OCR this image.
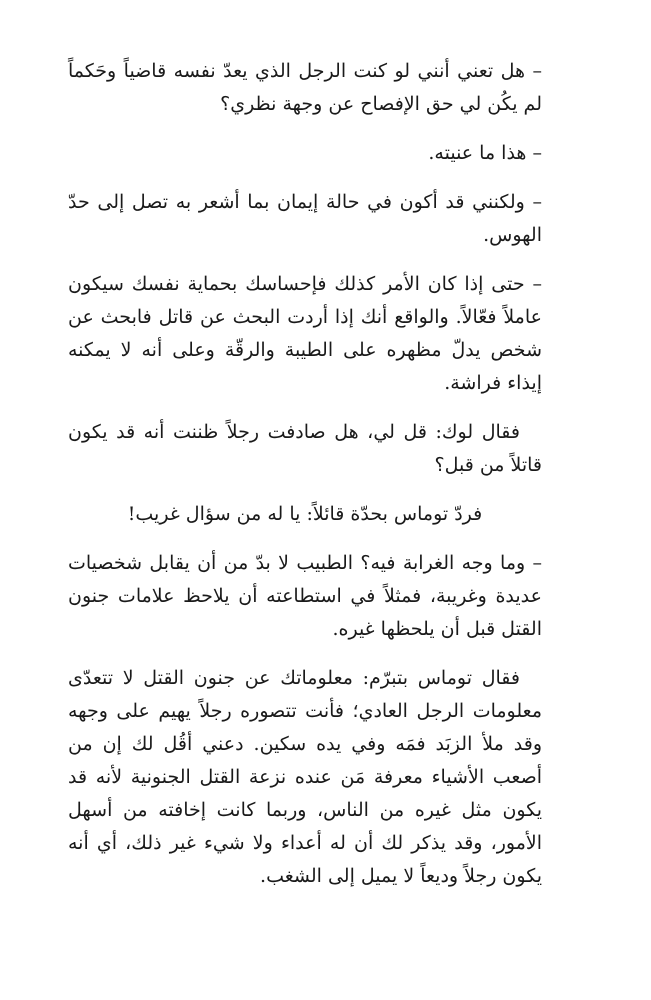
– هل تعني أنني لو كنت الرجل الذي يعدّ نفسه قاضياً وحَكماً لم يكُن لي حق الإفصاح عن وجهة نظري؟

– هذا ما عنيته.

– ولكنني قد أكون في حالة إيمان بما أشعر به تصل إلى حدّ الهوس.

– حتى إذا كان الأمر كذلك فإحساسك بحماية نفسك سيكون عاملاً فعّالاً. والواقع أنك إذا أردت البحث عن قاتل فابحث عن شخص يدلّ مظهره على الطيبة والرقّة وعلى أنه لا يمكنه إيذاء فراشة.

فقال لوك: قل لي، هل صادفت رجلاً ظننت أنه قد يكون قاتلاً من قبل؟

فردّ توماس بحدّة قائلاً: يا له من سؤال غريب!

– وما وجه الغرابة فيه؟ الطبيب لا بدّ من أن يقابل شخصيات عديدة وغريبة، فمثلاً في استطاعته أن يلاحظ علامات جنون القتل قبل أن يلحظها غيره.

فقال توماس بتبرّم: معلوماتك عن جنون القتل لا تتعدّى معلومات الرجل العادي؛ فأنت تتصوره رجلاً يهيم على وجهه وقد ملأ الزبَد فمَه وفي يده سكين. دعني أقُل لك إن من أصعب الأشياء معرفة مَن عنده نزعة القتل الجنونية لأنه قد يكون مثل غيره من الناس، وربما كانت إخافته من أسهل الأمور، وقد يذكر لك أن له أعداء ولا شيء غير ذلك، أي أنه يكون رجلاً وديعاً لا يميل إلى الشغب.
